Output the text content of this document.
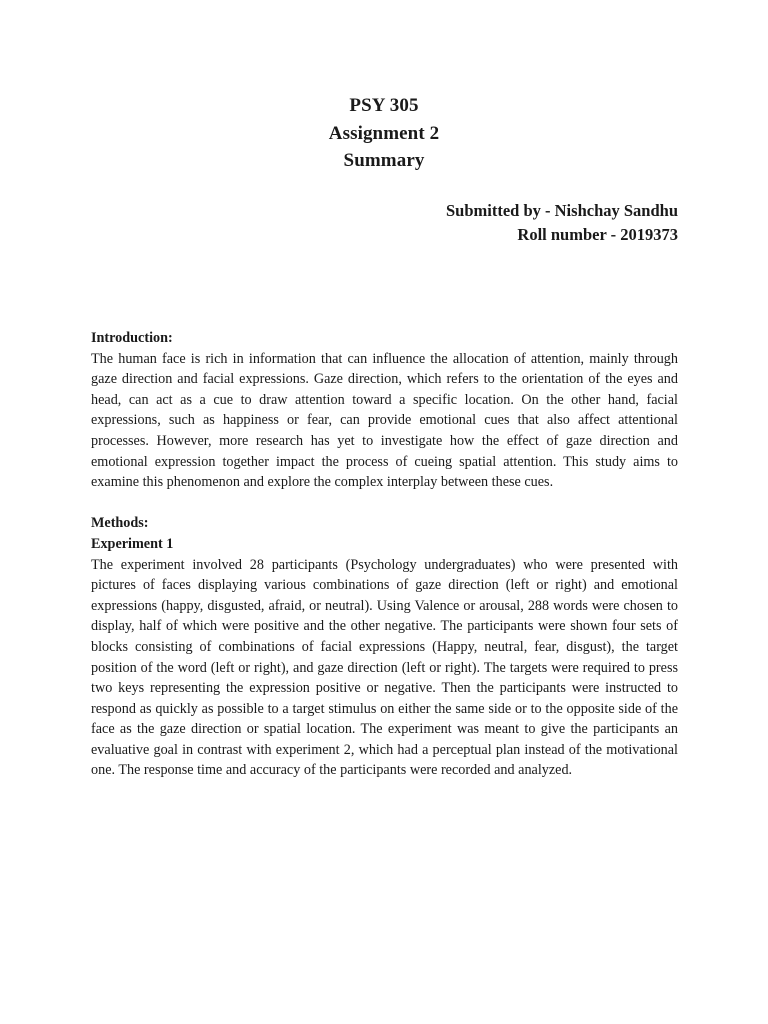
PSY 305
Assignment 2
Summary
Submitted by - Nishchay Sandhu
Roll number - 2019373
Introduction:

The human face is rich in information that can influence the allocation of attention, mainly through gaze direction and facial expressions. Gaze direction, which refers to the orientation of the eyes and head, can act as a cue to draw attention toward a specific location. On the other hand, facial expressions, such as happiness or fear, can provide emotional cues that also affect attentional processes. However, more research has yet to investigate how the effect of gaze direction and emotional expression together impact the process of cueing spatial attention. This study aims to examine this phenomenon and explore the complex interplay between these cues.

Methods:
Experiment 1

The experiment involved 28 participants (Psychology undergraduates) who were presented with pictures of faces displaying various combinations of gaze direction (left or right) and emotional expressions (happy, disgusted, afraid, or neutral). Using Valence or arousal, 288 words were chosen to display, half of which were positive and the other negative. The participants were shown four sets of blocks consisting of combinations of facial expressions (Happy, neutral, fear, disgust), the target position of the word (left or right), and gaze direction (left or right). The targets were required to press two keys representing the expression positive or negative. Then the participants were instructed to respond as quickly as possible to a target stimulus on either the same side or to the opposite side of the face as the gaze direction or spatial location. The experiment was meant to give the participants an evaluative goal in contrast with experiment 2, which had a perceptual plan instead of the motivational one. The response time and accuracy of the participants were recorded and analyzed.
